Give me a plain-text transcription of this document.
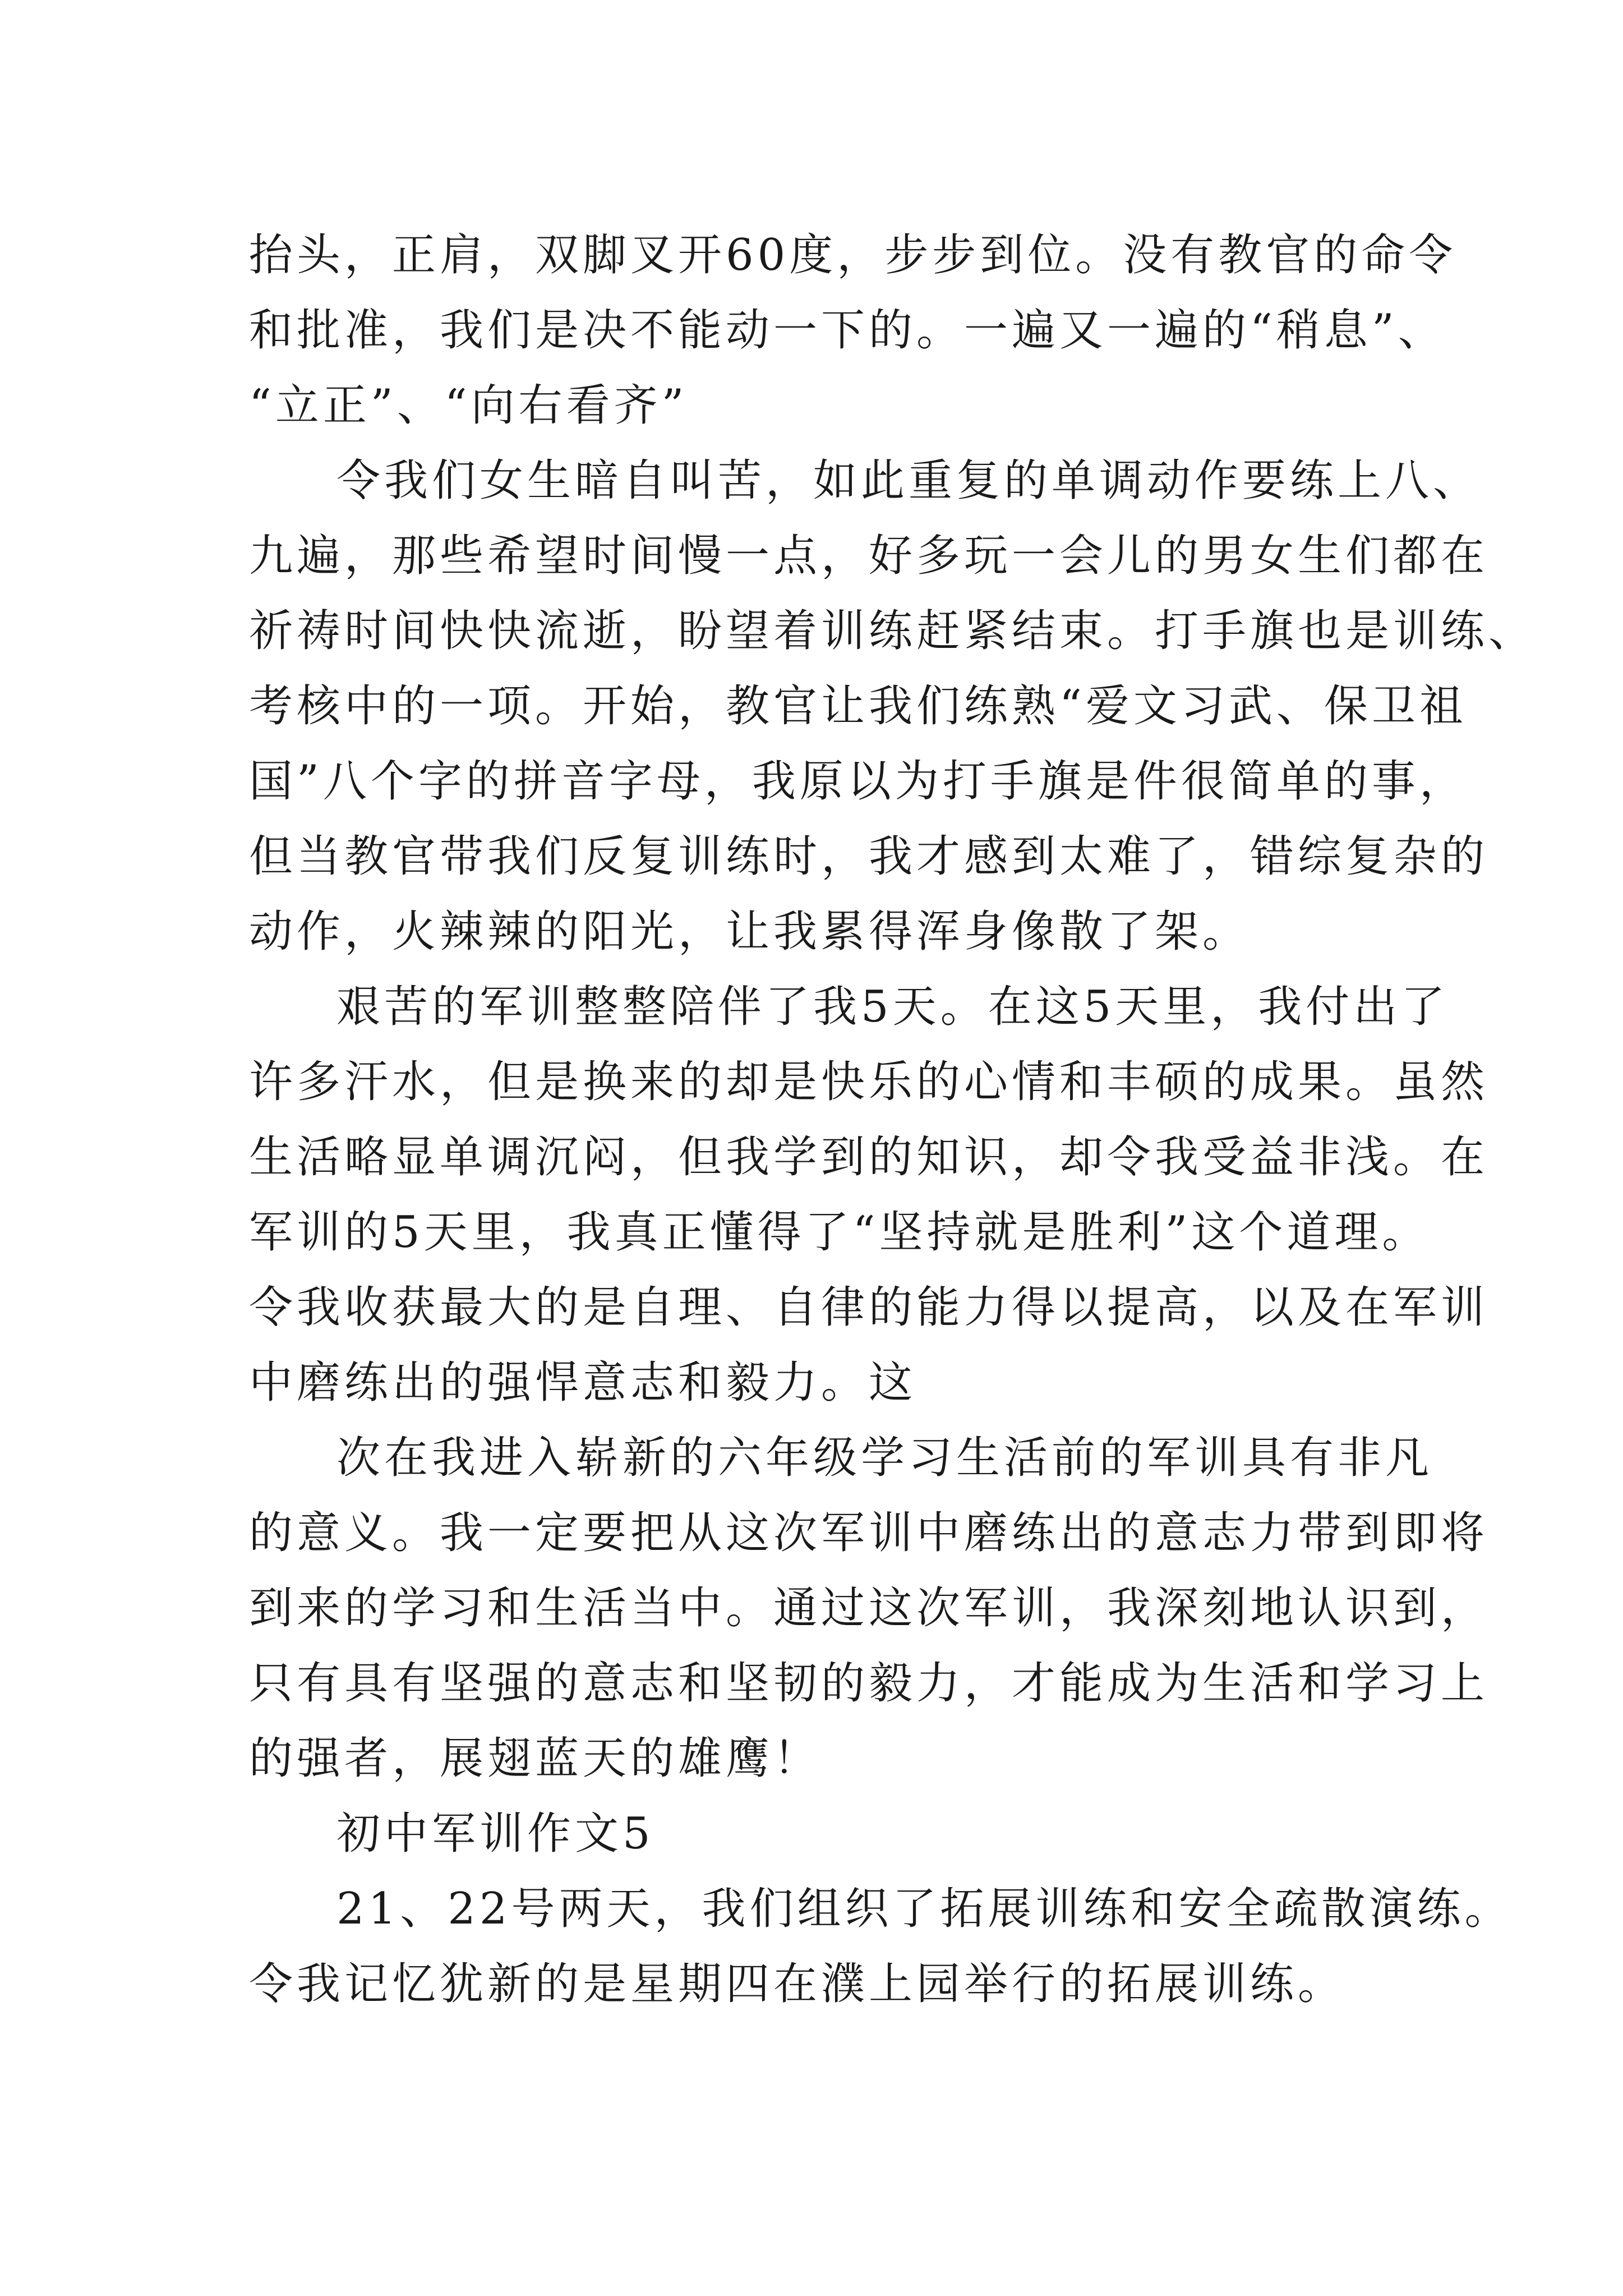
抬头，正肩，双脚叉开60度，步步到位。没有教官的命令
和批准，我们是决不能动一下的。一遍又一遍的“稍息”、
“立正”、“向右看齐”
令我们女生暗自叫苦，如此重复的单调动作要练上八、
九遍，那些希望时间慢一点，好多玩一会儿的男女生们都在
祈祷时间快快流逝，盼望着训练赶紧结束。打手旗也是训练、
考核中的一项。开始，教官让我们练熟“爱文习武、保卫祖
国”八个字的拼音字母，我原以为打手旗是件很简单的事，
但当教官带我们反复训练时，我才感到太难了，错综复杂的
动作，火辣辣的阳光，让我累得浑身像散了架。
艰苦的军训整整陪伴了我5天。在这5天里，我付出了
许多汗水，但是换来的却是快乐的心情和丰硕的成果。虽然
生活略显单调沉闷，但我学到的知识，却令我受益非浅。在
军训的5天里，我真正懂得了“坚持就是胜利”这个道理。
令我收获最大的是自理、自律的能力得以提高，以及在军训
中磨练出的强悍意志和毅力。这
次在我进入崭新的六年级学习生活前的军训具有非凡
的意义。我一定要把从这次军训中磨练出的意志力带到即将
到来的学习和生活当中。通过这次军训，我深刻地认识到，
只有具有坚强的意志和坚韧的毅力，才能成为生活和学习上
的强者，展翅蓝天的雄鹰！
初中军训作文5
21、22号两天，我们组织了拓展训练和安全疏散演练。
令我记忆犹新的是星期四在濮上园举行的拓展训练。
